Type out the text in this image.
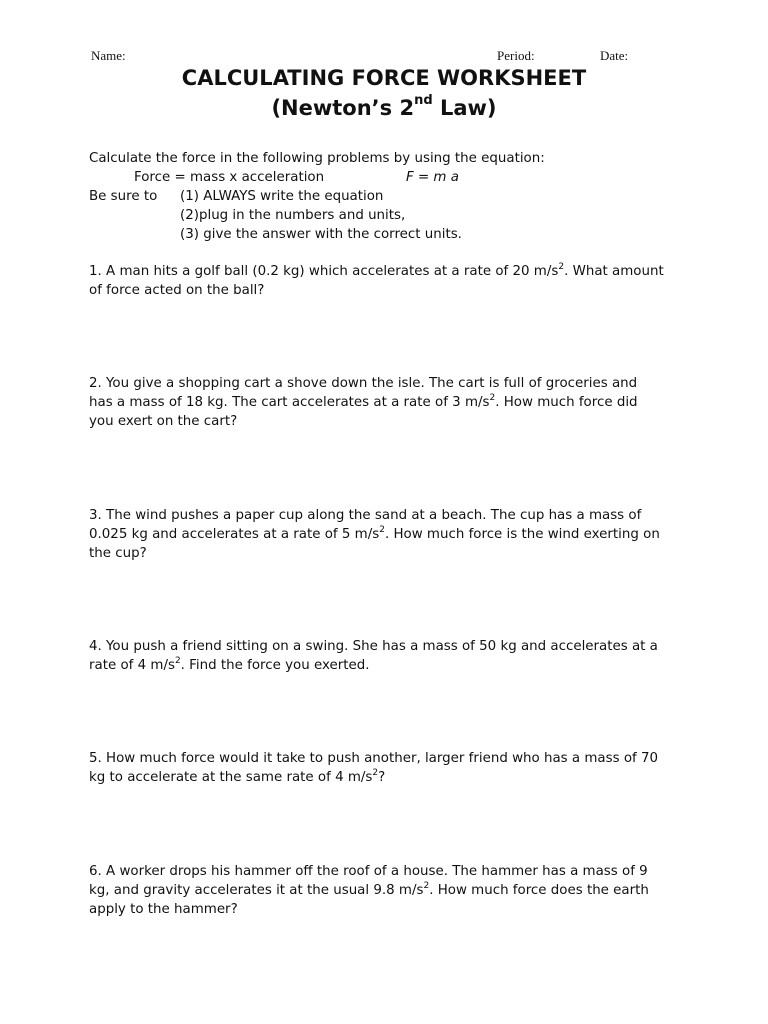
Name:	Period:	Date:
CALCULATING FORCE WORKSHEET
(Newton’s 2nd Law)
Calculate the force in the following problems by using the equation:
Force = mass x acceleration	F = m a
Be sure to (1) ALWAYS write the equation
(2)plug in the numbers and units,
(3) give the answer with the correct units.

1. A man hits a golf ball (0.2 kg) which accelerates at a rate of 20 $m/s^2$. What amount

of force acted on the ball?

2. You give a shopping cart a shove down the isle. The cart is full of groceries and

has a mass of 18 kg. The cart accelerates at a rate of 3 $m/s^2$. How much force did

you exert on the cart?

3. The wind pushes a paper cup along the sand at a beach. The cup has a mass of

0.025 kg and accelerates at a rate of 5 $m/s^2$. How much force is the wind exerting on

the cup?

4. You push a friend sitting on a swing. She has a mass of 50 kg and accelerates at a

rate of 4 $m/s^2$. Find the force you exerted.

5. How much force would it take to push another, larger friend who has a mass of 70

kg to accelerate at the same rate of 4 $m/s^2$?

6. A worker drops his hammer off the roof of a house. The hammer has a mass of 9

kg, and gravity accelerates it at the usual 9.8 $m/s^2$. How much force does the earth

apply to the hammer?
